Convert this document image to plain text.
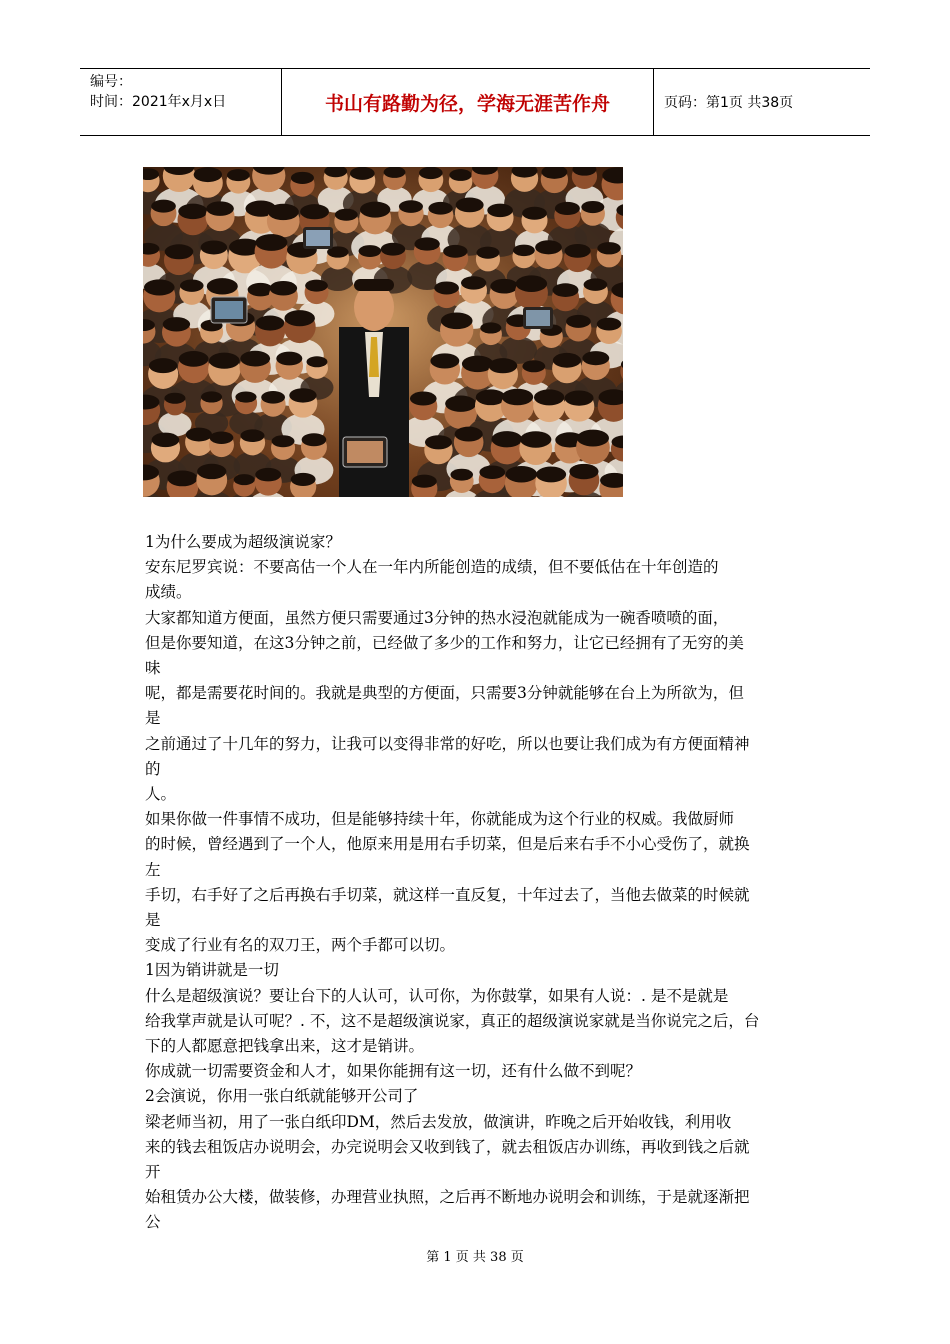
编号：
时间：2021年x月x日	书山有路勤为径，学海无涯苦作舟	页码：第1页 共38页

1为什么要成为超级演说家？

安东尼罗宾说：不要高估一个人在一年内所能创造的成绩，但不要低估在十年创造的

成绩。

大家都知道方便面，虽然方便只需要通过3分钟的热水浸泡就能成为一碗香喷喷的面，

但是你要知道，在这3分钟之前，已经做了多少的工作和努力，让它已经拥有了无穷的美

味

呢，都是需要花时间的。我就是典型的方便面，只需要3分钟就能够在台上为所欲为，但

是

之前通过了十几年的努力，让我可以变得非常的好吃，所以也要让我们成为有方便面精神

的

人。

如果你做一件事情不成功，但是能够持续十年，你就能成为这个行业的权威。我做厨师

的时候，曾经遇到了一个人，他原来用是用右手切菜，但是后来右手不小心受伤了，就换

左

手切，右手好了之后再换右手切菜，就这样一直反复，十年过去了，当他去做菜的时候就

是

变成了行业有名的双刀王，两个手都可以切。

1因为销讲就是一切

什么是超级演说？要让台下的人认可，认可你，为你鼓掌，如果有人说：. 是不是就是

给我掌声就是认可呢？. 不，这不是超级演说家，真正的超级演说家就是当你说完之后，台

下的人都愿意把钱拿出来，这才是销讲。

你成就一切需要资金和人才，如果你能拥有这一切，还有什么做不到呢？

2会演说，你用一张白纸就能够开公司了

梁老师当初，用了一张白纸印DM，然后去发放，做演讲，昨晚之后开始收钱，利用收

来的钱去租饭店办说明会，办完说明会又收到钱了，就去租饭店办训练，再收到钱之后就

开

始租赁办公大楼，做装修，办理营业执照，之后再不断地办说明会和训练，于是就逐渐把

公

第 1 页 共 38 页
